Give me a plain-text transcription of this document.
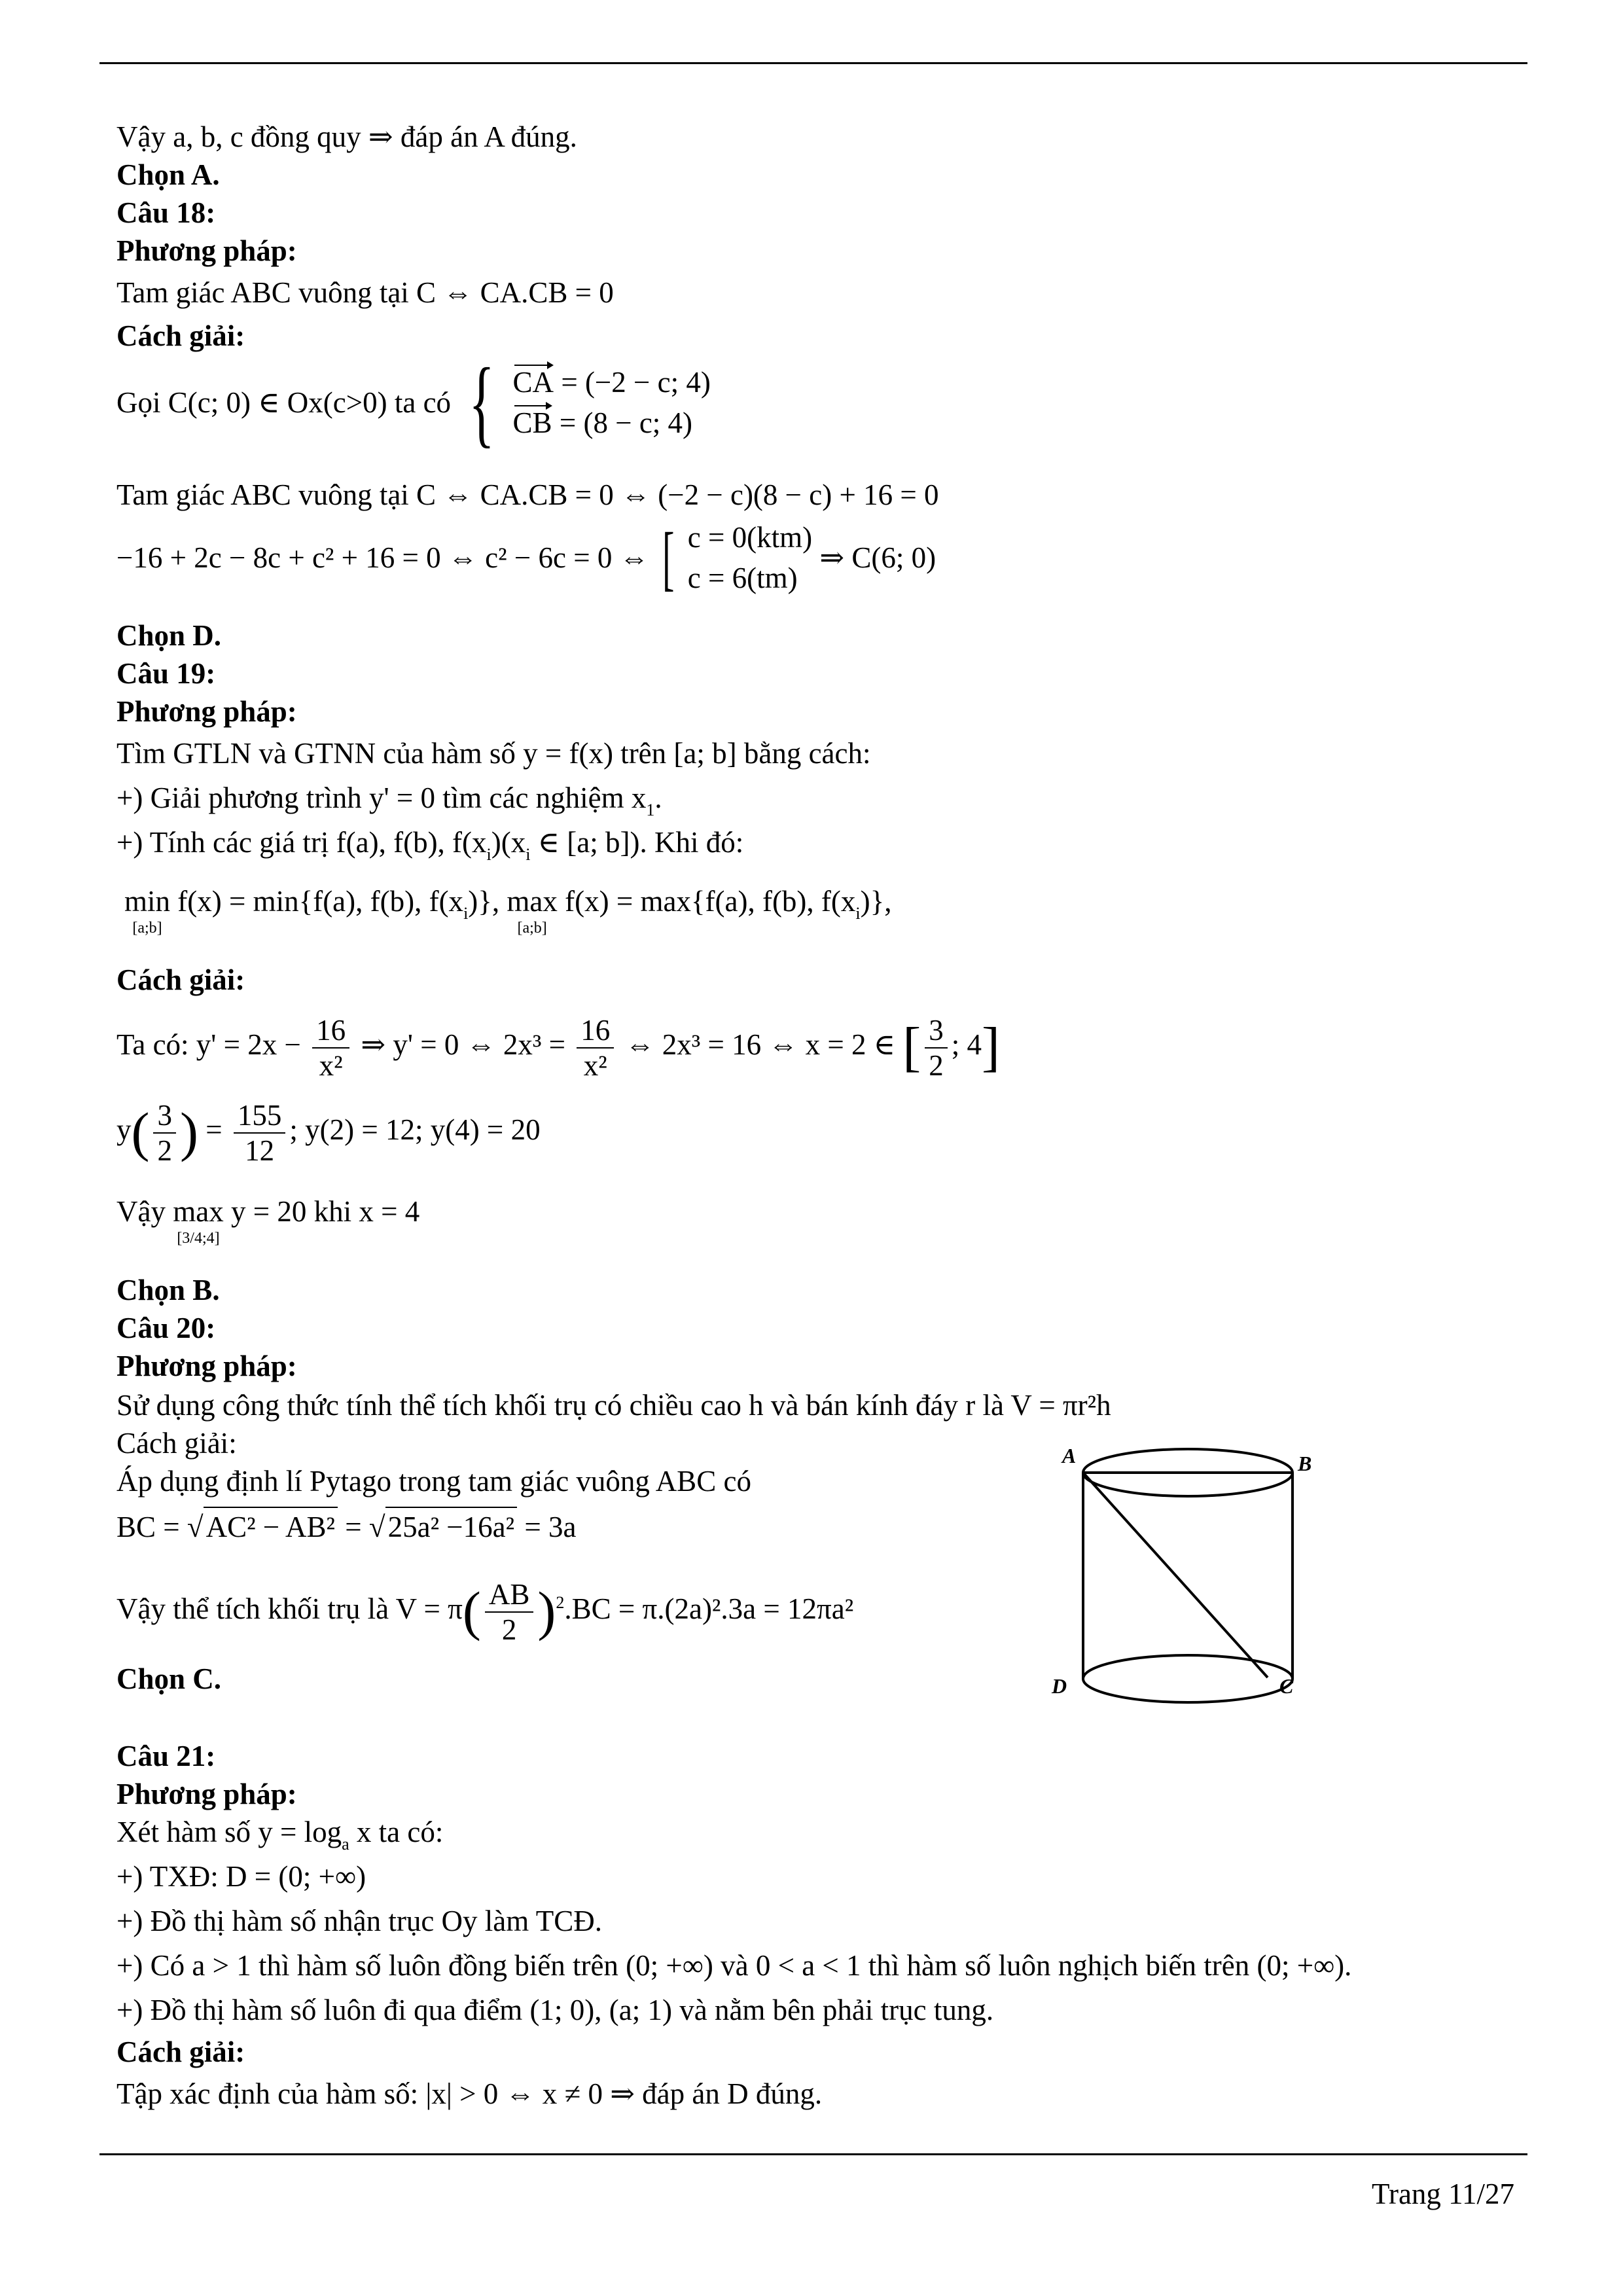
Vậy a, b, c đồng quy ⇒ đáp án A đúng.
Chọn A.
Câu 18:
Phương pháp:
Tam giác ABC vuông tại C ⇔ CA.CB = 0
Cách giải:
Gọi C(c; 0) ∈ Ox(c>0) ta có { CA = (−2 − c; 4)
CB = (8 − c; 4)
Tam giác ABC vuông tại C ⇔ CA.CB = 0 ⇔ (−2 − c)(8 − c) + 16 = 0
−16 + 2c − 8c + c² + 16 = 0 ⇔ c² − 6c = 0 ⇔ [ c = 0(ktm)
c = 6(tm)
⇒ C(6; 0)
Chọn D.
Câu 19:
Phương pháp:
Tìm GTLN và GTNN của hàm số y = f(x) trên [a; b] bằng cách:
+) Giải phương trình y' = 0 tìm các nghiệm $x_1$.
+) Tính các giá trị f(a), f(b), $f(x_i)(x_i$ ∈ [a; b]). Khi đó:
min
[a;b]
f(x) = min{f(a), f(b), $f(x_i)$}, max
[a;b]
f(x) = max{f(a), f(b), $f(x_i)$},
Cách giải:
Ta có: $y' = 2x - \frac{16}{\text{x²}}$ ⇒ y' = 0 ⇔ $2x^3 = \frac{16}{\text{x²}}$ ⇔ 2x³ = 16 ⇔ x = 2 ∈ [ $\frac{3}{2}$ ; 4]
$y( \frac{3}{2}$ ) = $\frac{155}{12}$ ; y(2) = 12; y(4) = 20
Vậy max
[3/4;4]
y = 20 khi x = 4
Chọn B.
Câu 20:
Phương pháp:
Sử dụng công thức tính thể tích khối trụ có chiều cao h và bán kính đáy r là V = πr²h
Cách giải:
Áp dụng định lí Pytago trong tam giác vuông ABC có
BC = √AC² − AB² = √25a² −16a² = 3a
Vậy thể tích khối trụ là $V = \pi( \frac{AB}{2} )^2.BC = \pi.(2a)^2.3a = 12\pi a^2$
Chọn C.
A	B
C
D
Câu 21:
Phương pháp:
Xét hàm số $y = \log_a x$ ta có:
+) TXĐ: D = (0; +∞)
+) Đồ thị hàm số nhận trục Oy làm TCĐ.
+) Có a > 1 thì hàm số luôn đồng biến trên (0; +∞) và 0 < a < 1 thì hàm số luôn nghịch biến trên (0; +∞).
+) Đồ thị hàm số luôn đi qua điểm (1; 0), (a; 1) và nằm bên phải trục tung.
Cách giải:
Tập xác định của hàm số: |x| > 0 ⇔ x ≠ 0 ⇒ đáp án D đúng.
Trang 11/27
